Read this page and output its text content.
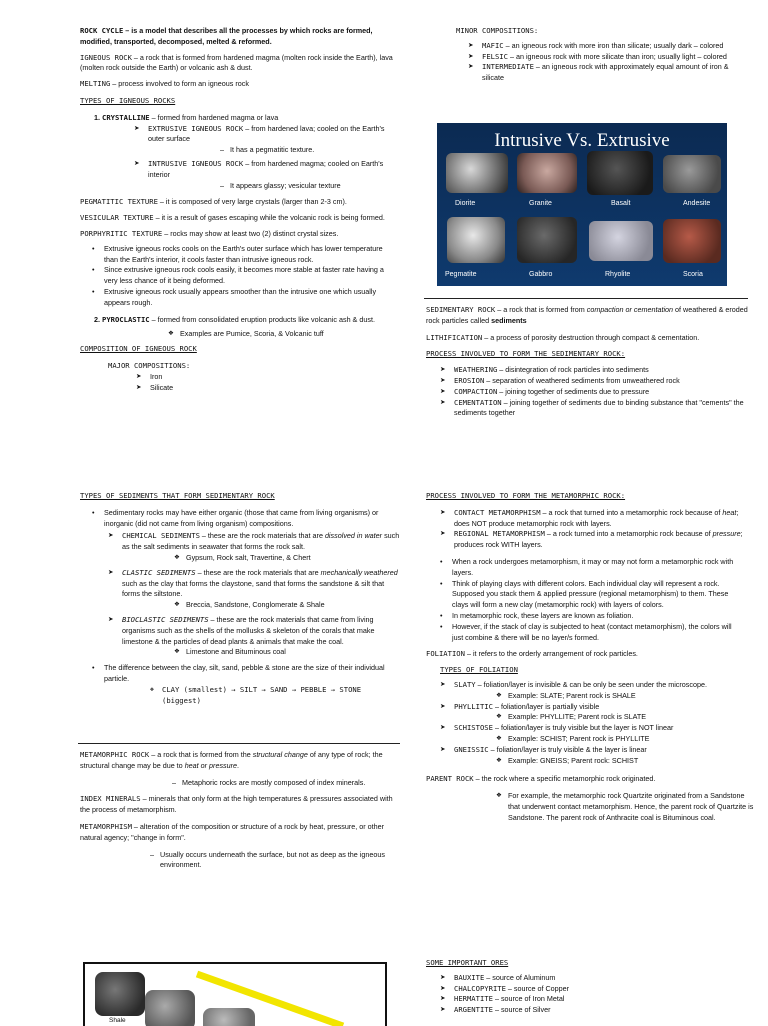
ROCK CYCLE – is a model that describes all the processes by which rocks are formed, modified, transported, decomposed, melted & reformed.

IGNEOUS ROCK – a rock that is formed from hardened magma (molten rock inside the Earth), lava (molten rock outside the Earth) or volcanic ash & dust.

MELTING – process involved to form an igneous rock

TYPES OF IGNEOUS ROCKS

1. CRYSTALLINE – formed from hardened magma or lava

➤ EXTRUSIVE IGNEOUS ROCK – from hardened lava; cooled on the Earth's outer surface
– It has a pegmatitic texture.
➤ INTRUSIVE IGNEOUS ROCK – from hardened magma; cooled on Earth's interior
– It appears glassy; vesicular texture

PEGMATITIC TEXTURE – it is composed of very large crystals (larger than 2-3 cm).

VESICULAR TEXTURE – it is a result of gases escaping while the volcanic rock is being formed.

PORPHYRITIC TEXTURE – rocks may show at least two (2) distinct crystal sizes.

• Extrusive igneous rocks cools on the Earth's outer surface which has lower temperature than the Earth's interior, it cools faster than intrusive igneous rock.
• Since extrusive igneous rock cools easily, it becomes more stable at faster rate having a very less chance of it being deformed.
• Extrusive igneous rock usually appears smoother than the intrusive one which usually appears rough.

2. PYROCLASTIC – formed from consolidated eruption products like volcanic ash & dust.

❖ Examples are Pumice, Scoria, & Volcanic tuff

COMPOSITION OF IGNEOUS ROCK

MAJOR COMPOSITIONS:

➤ Iron
➤ Silicate

MINOR COMPOSITIONS:

➤ MAFIC – an igneous rock with more iron than silicate; usually dark – colored
➤ FELSIC – an igneous rock with more silicate than iron; usually light – colored
➤ INTERMEDIATE – an igneous rock with approximately equal amount of iron & silicate
Intrusive Vs. Extrusive
Diorite	Granite	Basalt	Andesite
Pegmatite	Gabbro	Rhyolite	Scoria

SEDIMENTARY ROCK – a rock that is formed from compaction or cementation of weathered & eroded rock particles called sediments

LITHIFICATION – a process of porosity destruction through compact & cementation.

PROCESS INVOLVED TO FORM THE SEDIMENTARY ROCK:

➤ WEATHERING – disintegration of rock particles into sediments
➤ EROSION – separation of weathered sediments from unweathered rock
➤ COMPACTION – joining together of sediments due to pressure
➤ CEMENTATION – joining together of sediments due to binding substance that "cements" the sediments together

TYPES OF SEDIMENTS THAT FORM SEDIMENTARY ROCK

• Sedimentary rocks may have either organic (those that came from living organisms) or inorganic (did not came from living organism) compositions.
➤ CHEMICAL SEDIMENTS – these are the rock materials that are dissolved in water such as the salt sediments in seawater that forms the rock salt.
❖ Gypsum, Rock salt, Travertine, & Chert
➤ CLASTIC SEDIMENTS – these are the rock materials that are mechanically weathered such as the clay that forms the claystone, sand that forms the sandstone & silt that forms the siltstone.
❖ Breccia, Sandstone, Conglomerate & Shale
➤ BIOCLASTIC SEDIMENTS – these are the rock materials that came from living organisms such as the shells of the mollusks & skeleton of the corals that make limestone & the particles of dead plants & animals that make the coal.
❖ Limestone and Bituminous coal
• The difference between the clay, silt, sand, pebble & stone are the size of their individual particle.
❖ CLAY (smallest) → SILT → SAND → PEBBLE → STONE (biggest)

METAMORPHIC ROCK – a rock that is formed from the structural change of any type of rock; the structural change may be due to heat or pressure.

– Metaphoric rocks are mostly composed of index minerals.

INDEX MINERALS – minerals that only form at the high temperatures & pressures associated with the process of metamorphism.

METAMORPHISM – alteration of the composition or structure of a rock by heat, pressure, or other natural agency; "change in form".

– Usually occurs underneath the surface, but not as deep as the igneous environment.
Shale

PROCESS INVOLVED TO FORM THE METAMORPHIC ROCK:

➤ CONTACT METAMORPHISM – a rock that turned into a metamorphic rock because of heat; does NOT produce metamorphic rock with layers.
➤ REGIONAL METAMORPHISM – a rock turned into a metamorphic rock because of pressure; produces rock WITH layers.
• When a rock undergoes metamorphism, it may or may not form a metamorphic rock with layers.
• Think of playing clays with different colors. Each individual clay will represent a rock. Supposed you stack them & applied pressure (regional metamorphism) to them. These clays will form a new clay (metamorphic rock) with layers of colors.
• In metamorphic rock, these layers are known as foliation.
• However, if the stack of clay is subjected to heat (contact metamorphism), the colors will just combine & there will be no layer/s formed.

FOLIATION – it refers to the orderly arrangement of rock particles.

TYPES OF FOLIATION

➤ SLATY – foliation/layer is invisible & can be only be seen under the microscope.
❖ Example: SLATE; Parent rock is SHALE
➤ PHYLLITIC – foliation/layer is partially visible
❖ Example: PHYLLITE; Parent rock is SLATE
➤ SCHISTOSE – foliation/layer is truly visible but the layer is NOT linear
❖ Example: SCHIST; Parent rock is PHYLLITE
➤ GNEISSIC – foliation/layer is truly visible & the layer is linear
❖ Example: GNEISS; Parent rock: SCHIST

PARENT ROCK – the rock where a specific metamorphic rock originated.

❖ For example, the metamorphic rock Quartzite originated from a Sandstone that underwent contact metamorphism. Hence, the parent rock of Quartzite is Sandstone. The parent rock of Anthracite coal is Bituminous coal.

SOME IMPORTANT ORES

➤ BAUXITE – source of Aluminum
➤ CHALCOPYRITE – source of Copper
➤ HERMATITE – source of Iron Metal
➤ ARGENTITE – source of Silver
